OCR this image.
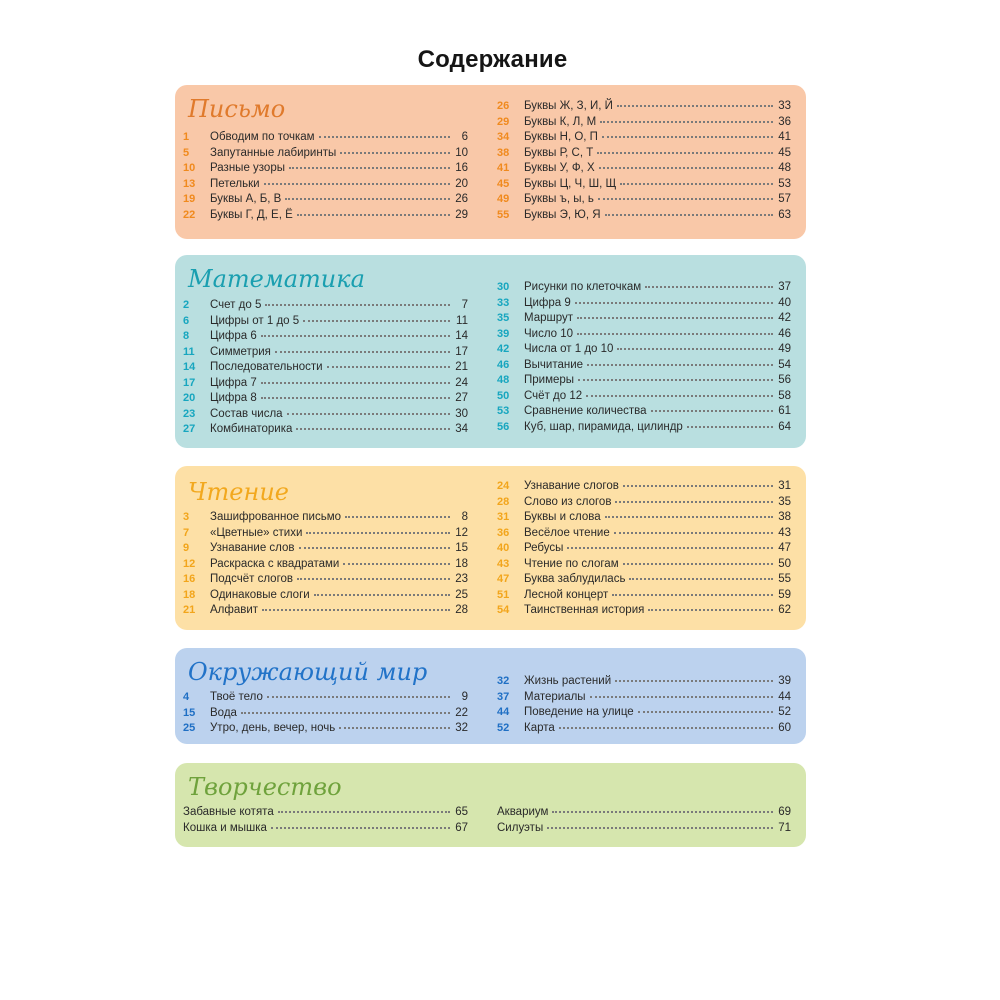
Содержание
Письмо
1	Обводим по точкам	6
5	Запутанные лабиринты	10
10	Разные узоры	16
13	Петельки	20
19	Буквы А, Б, В	26
22	Буквы Г, Д, Е, Ё	29
26	Буквы Ж, З, И, Й	33
29	Буквы К, Л, М	36
34	Буквы Н, О, П	41
38	Буквы Р, С, Т	45
41	Буквы У, Ф, Х	48
45	Буквы Ц, Ч, Ш, Щ	53
49	Буквы ъ, ы, ь	57
55	Буквы Э, Ю, Я	63
Математика
2	Счет до 5	7
6	Цифры от 1 до 5	11
8	Цифра 6	14
11	Симметрия	17
14	Последовательности	21
17	Цифра 7	24
20	Цифра 8	27
23	Состав числа	30
27	Комбинаторика	34
30	Рисунки по клеточкам	37
33	Цифра 9	40
35	Маршрут	42
39	Число 10	46
42	Числа от 1 до 10	49
46	Вычитание	54
48	Примеры	56
50	Счёт до 12	58
53	Сравнение количества	61
56	Куб, шар, пирамида, цилиндр	64
Чтение
3	Зашифрованное письмо	8
7	«Цветные» стихи	12
9	Узнавание слов	15
12	Раскраска с квадратами	18
16	Подсчёт слогов	23
18	Одинаковые слоги	25
21	Алфавит	28
24	Узнавание слогов	31
28	Слово из слогов	35
31	Буквы и слова	38
36	Весёлое чтение	43
40	Ребусы	47
43	Чтение по слогам	50
47	Буква заблудилась	55
51	Лесной концерт	59
54	Таинственная история	62
Окружающий мир
4	Твоё тело	9
15	Вода	22
25	Утро, день, вечер, ночь	32
32	Жизнь растений	39
37	Материалы	44
44	Поведение на улице	52
52	Карта	60
Творчество
Забавные котята	65
Кошка и мышка	67
Аквариум	69
Силуэты	71
